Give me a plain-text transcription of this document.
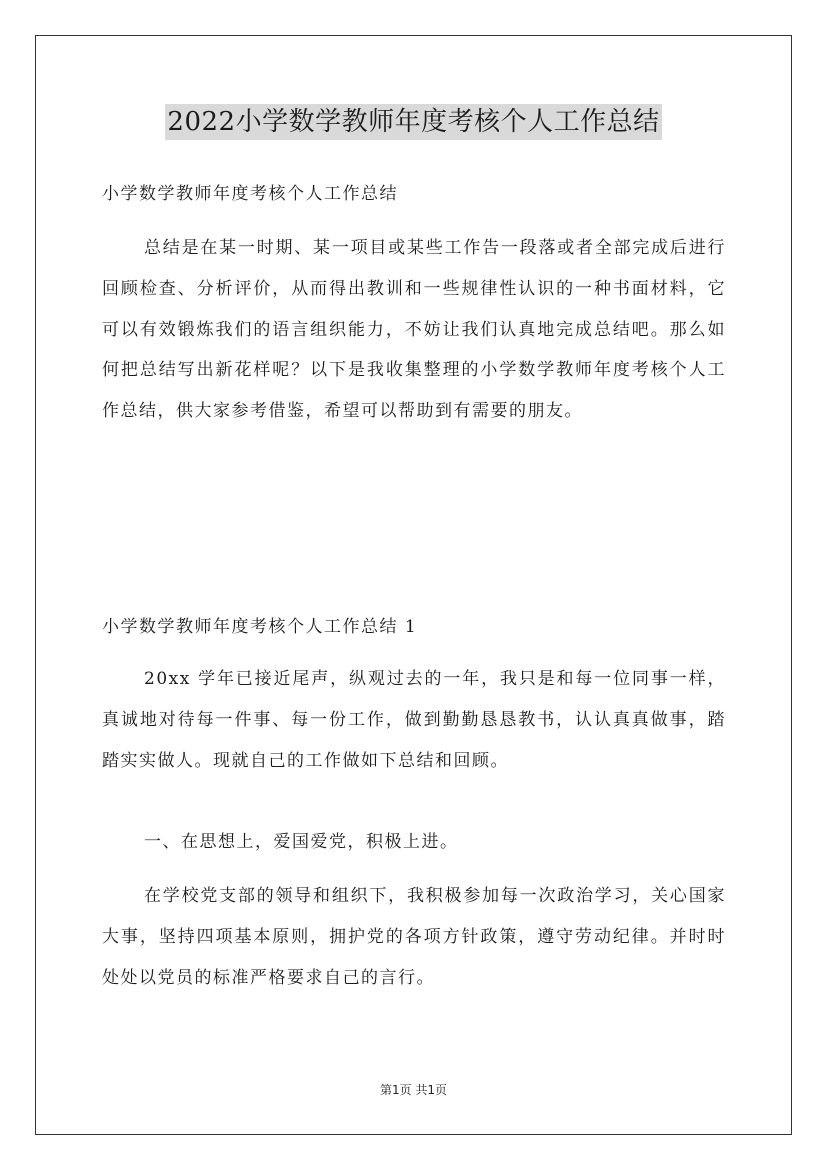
2022小学数学教师年度考核个人工作总结

小学数学教师年度考核个人工作总结

总结是在某一时期、某一项目或某些工作告一段落或者全部完成后进行回顾检查、分析评价，从而得出教训和一些规律性认识的一种书面材料，它可以有效锻炼我们的语言组织能力，不妨让我们认真地完成总结吧。那么如何把总结写出新花样呢？以下是我收集整理的小学数学教师年度考核个人工作总结，供大家参考借鉴，希望可以帮助到有需要的朋友。

小学数学教师年度考核个人工作总结 1

20xx 学年已接近尾声，纵观过去的一年，我只是和每一位同事一样，真诚地对待每一件事、每一份工作，做到勤勤恳恳教书，认认真真做事，踏踏实实做人。现就自己的工作做如下总结和回顾。

一、在思想上，爱国爱党，积极上进。

在学校党支部的领导和组织下，我积极参加每一次政治学习，关心国家大事，坚持四项基本原则，拥护党的各项方针政策，遵守劳动纪律。并时时处处以党员的标准严格要求自己的言行。

第1页 共1页
